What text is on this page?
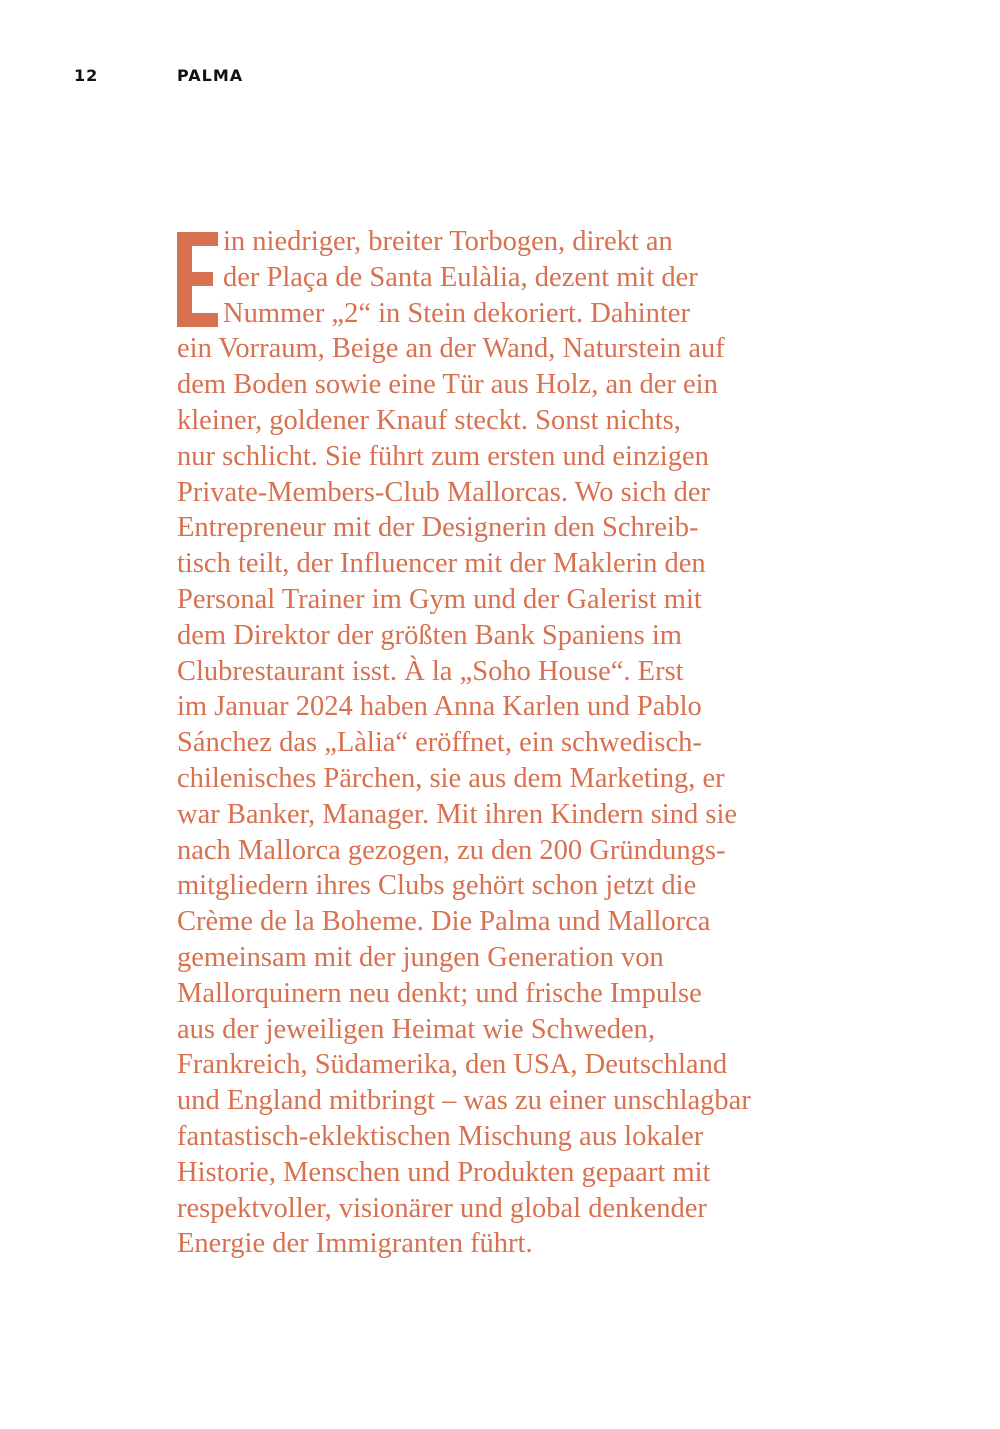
12	PALMA
in niedriger, breiter Torbogen, direkt an
der Plaça de Santa Eulàlia, dezent mit der
Nummer „2“ in Stein dekoriert. Dahinter
ein Vorraum, Beige an der Wand, Naturstein auf
dem Boden sowie eine Tür aus Holz, an der ein
kleiner, goldener Knauf steckt. Sonst nichts,
nur schlicht. Sie führt zum ersten und einzigen
Private-Members-Club Mallorcas. Wo sich der
Entrepreneur mit der Designerin den Schreib-
tisch teilt, der Influencer mit der Maklerin den
Personal Trainer im Gym und der Galerist mit
dem Direktor der größten Bank Spaniens im
Clubrestaurant isst. À la „Soho House“. Erst
im Januar 2024 haben Anna Karlen und Pablo
Sánchez das „Làlia“ eröffnet, ein schwedisch-
chilenisches Pärchen, sie aus dem Marketing, er
war Banker, Manager. Mit ihren Kindern sind sie
nach Mallorca gezogen, zu den 200 Gründungs-
mitgliedern ihres Clubs gehört schon jetzt die
Crème de la Boheme. Die Palma und Mallorca
gemeinsam mit der jungen Generation von
Mallorquinern neu denkt; und frische Impulse
aus der jeweiligen Heimat wie Schweden,
Frankreich, Südamerika, den USA, Deutschland
und England mitbringt – was zu einer unschlagbar
fantastisch-eklektischen Mischung aus lokaler
Historie, Menschen und Produkten gepaart mit
respektvoller, visionärer und global denkender
Energie der Immigranten führt.
